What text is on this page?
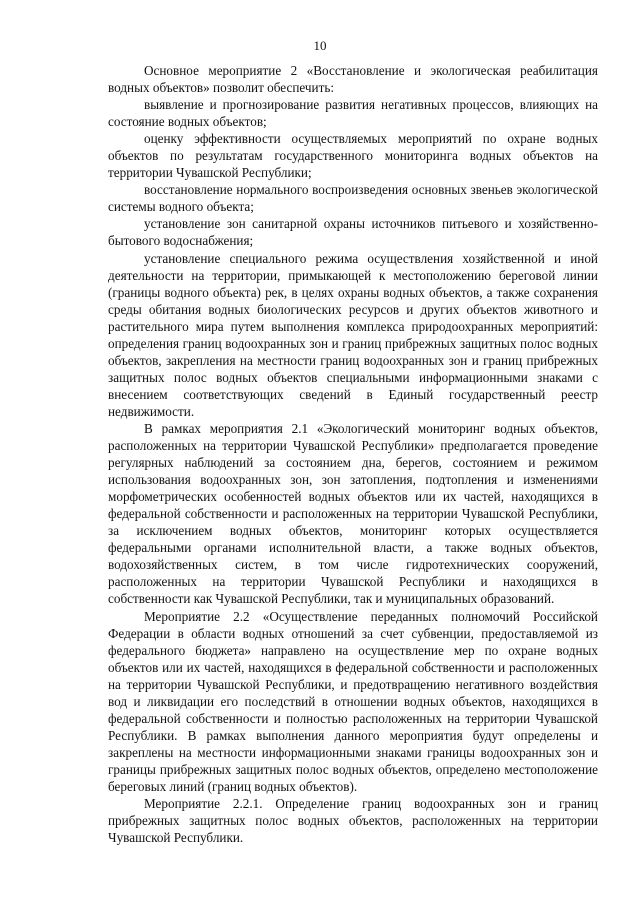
10

Основное мероприятие 2 «Восстановление и экологическая реабилитация водных объектов» позволит обеспечить:

выявление и прогнозирование развития негативных процессов, влияющих на состояние водных объектов;

оценку эффективности осуществляемых мероприятий по охране водных объектов по результатам государственного мониторинга водных объектов на территории Чувашской Республики;

восстановление нормального воспроизведения основных звеньев экологической системы водного объекта;

установление зон санитарной охраны источников питьевого и хозяйственно-бытового водоснабжения;

установление специального режима осуществления хозяйственной и иной деятельности на территории, примыкающей к местоположению береговой линии (границы водного объекта) рек, в целях охраны водных объектов, а также сохранения среды обитания водных биологических ресурсов и других объектов животного и растительного мира путем выполнения комплекса природоохранных мероприятий: определения границ водоохранных зон и границ прибрежных защитных полос водных объектов, закрепления на местности границ водоохранных зон и границ прибрежных защитных полос водных объектов специальными информационными знаками с внесением соответствующих сведений в Единый государственный реестр недвижимости.

В рамках мероприятия 2.1 «Экологический мониторинг водных объектов, расположенных на территории Чувашской Республики» предполагается проведение регулярных наблюдений за состоянием дна, берегов, состоянием и режимом использования водоохранных зон, зон затопления, подтопления и изменениями морфометрических особенностей водных объектов или их частей, находящихся в федеральной собственности и расположенных на территории Чувашской Республики, за исключением водных объектов, мониторинг которых осуществляется федеральными органами исполнительной власти, а также водных объектов, водохозяйственных систем, в том числе гидротехнических сооружений, расположенных на территории Чувашской Республики и находящихся в собственности как Чувашской Республики, так и муниципальных образований.

Мероприятие 2.2 «Осуществление переданных полномочий Российской Федерации в области водных отношений за счет субвенции, предоставляемой из федерального бюджета» направлено на осуществление мер по охране водных объектов или их частей, находящихся в федеральной собственности и расположенных на территории Чувашской Республики, и предотвращению негативного воздействия вод и ликвидации его последствий в отношении водных объектов, находящихся в федеральной собственности и полностью расположенных на территории Чувашской Республики. В рамках выполнения данного мероприятия будут определены и закреплены на местности информационными знаками границы водоохранных зон и границы прибрежных защитных полос водных объектов, определено местоположение береговых линий (границ водных объектов).

Мероприятие 2.2.1. Определение границ водоохранных зон и границ прибрежных защитных полос водных объектов, расположенных на территории Чувашской Республики.
